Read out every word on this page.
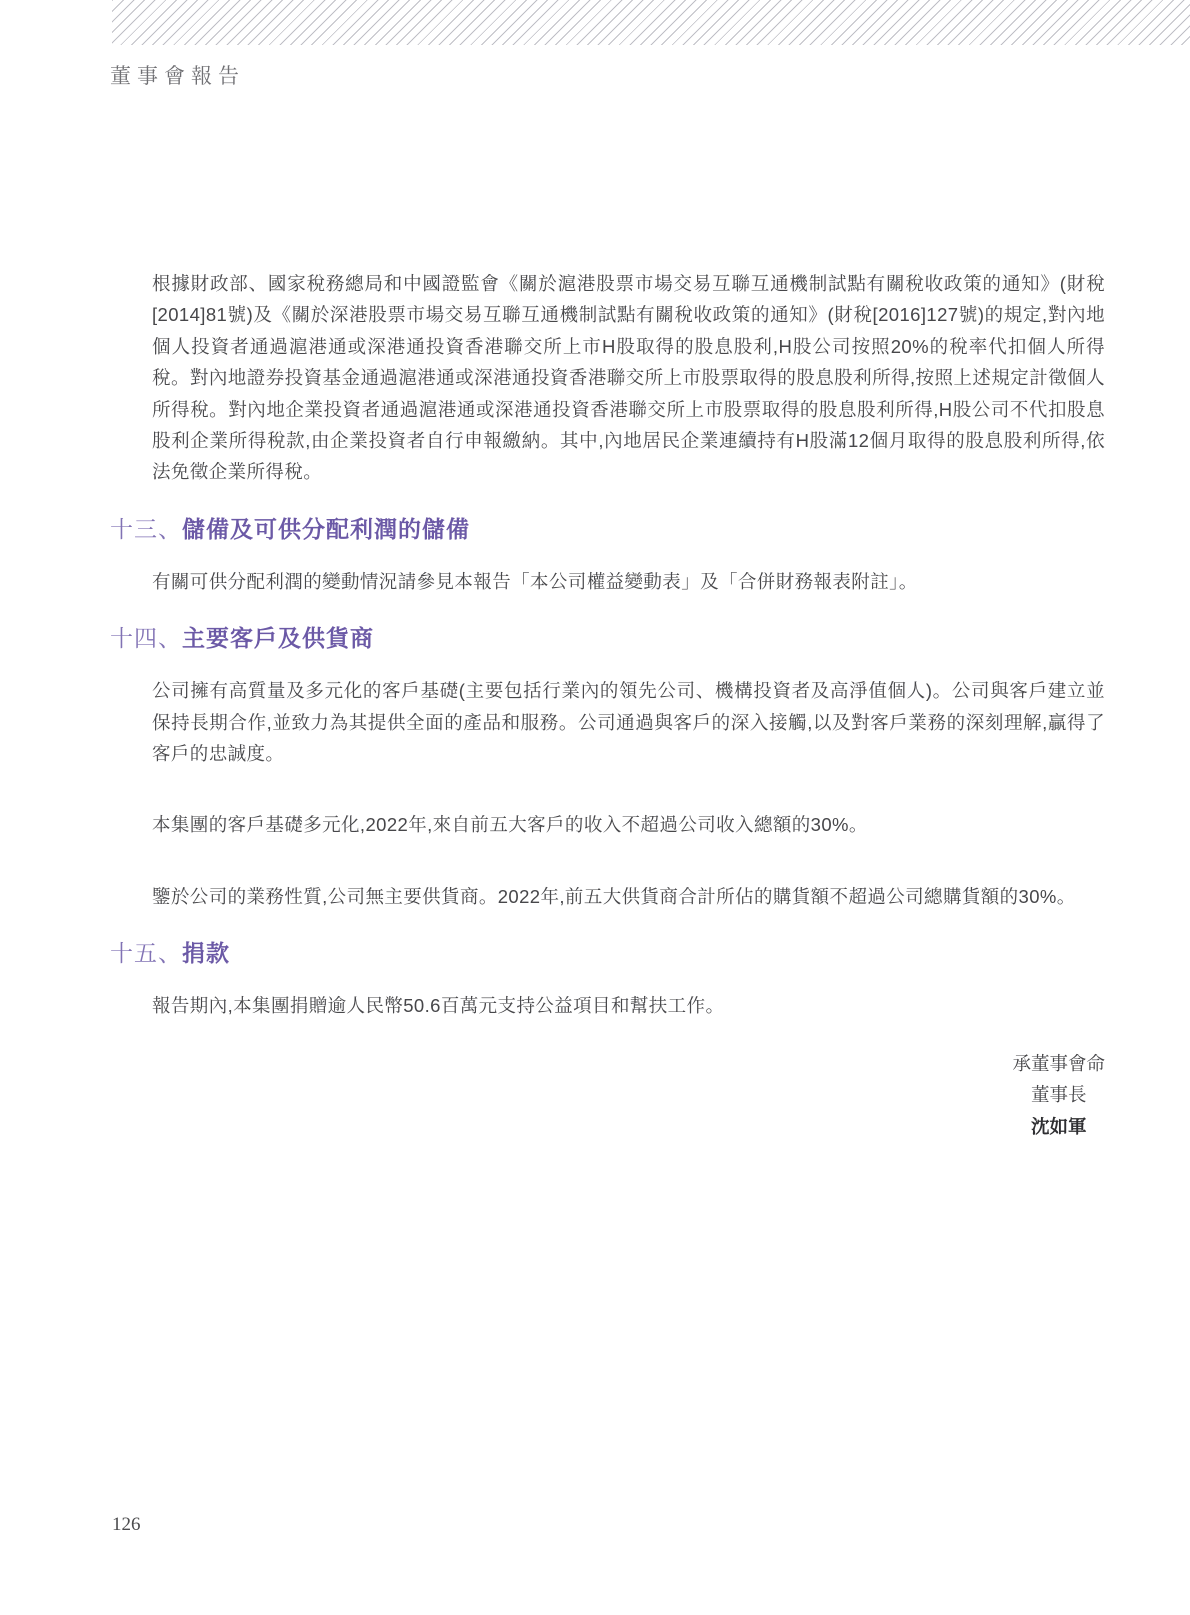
董事會報告

根據財政部、國家稅務總局和中國證監會《關於滬港股票市場交易互聯互通機制試點有關稅收政策的通知》(財稅[2014]81號)及《關於深港股票市場交易互聯互通機制試點有關稅收政策的通知》(財稅[2016]127號)的規定,對內地個人投資者通過滬港通或深港通投資香港聯交所上市H股取得的股息股利,H股公司按照20%的稅率代扣個人所得稅。對內地證券投資基金通過滬港通或深港通投資香港聯交所上市股票取得的股息股利所得,按照上述規定計徵個人所得稅。對內地企業投資者通過滬港通或深港通投資香港聯交所上市股票取得的股息股利所得,H股公司不代扣股息股利企業所得稅款,由企業投資者自行申報繳納。其中,內地居民企業連續持有H股滿12個月取得的股息股利所得,依法免徵企業所得稅。

十三、儲備及可供分配利潤的儲備

有關可供分配利潤的變動情況請參見本報告「本公司權益變動表」及「合併財務報表附註」。

十四、主要客戶及供貨商

公司擁有高質量及多元化的客戶基礎(主要包括行業內的領先公司、機構投資者及高淨值個人)。公司與客戶建立並保持長期合作,並致力為其提供全面的產品和服務。公司通過與客戶的深入接觸,以及對客戶業務的深刻理解,贏得了客戶的忠誠度。

本集團的客戶基礎多元化,2022年,來自前五大客戶的收入不超過公司收入總額的30%。

鑒於公司的業務性質,公司無主要供貨商。2022年,前五大供貨商合計所佔的購貨額不超過公司總購貨額的30%。

十五、捐款

報告期內,本集團捐贈逾人民幣50.6百萬元支持公益項目和幫扶工作。

承董事會命
董事長
沈如軍
126
